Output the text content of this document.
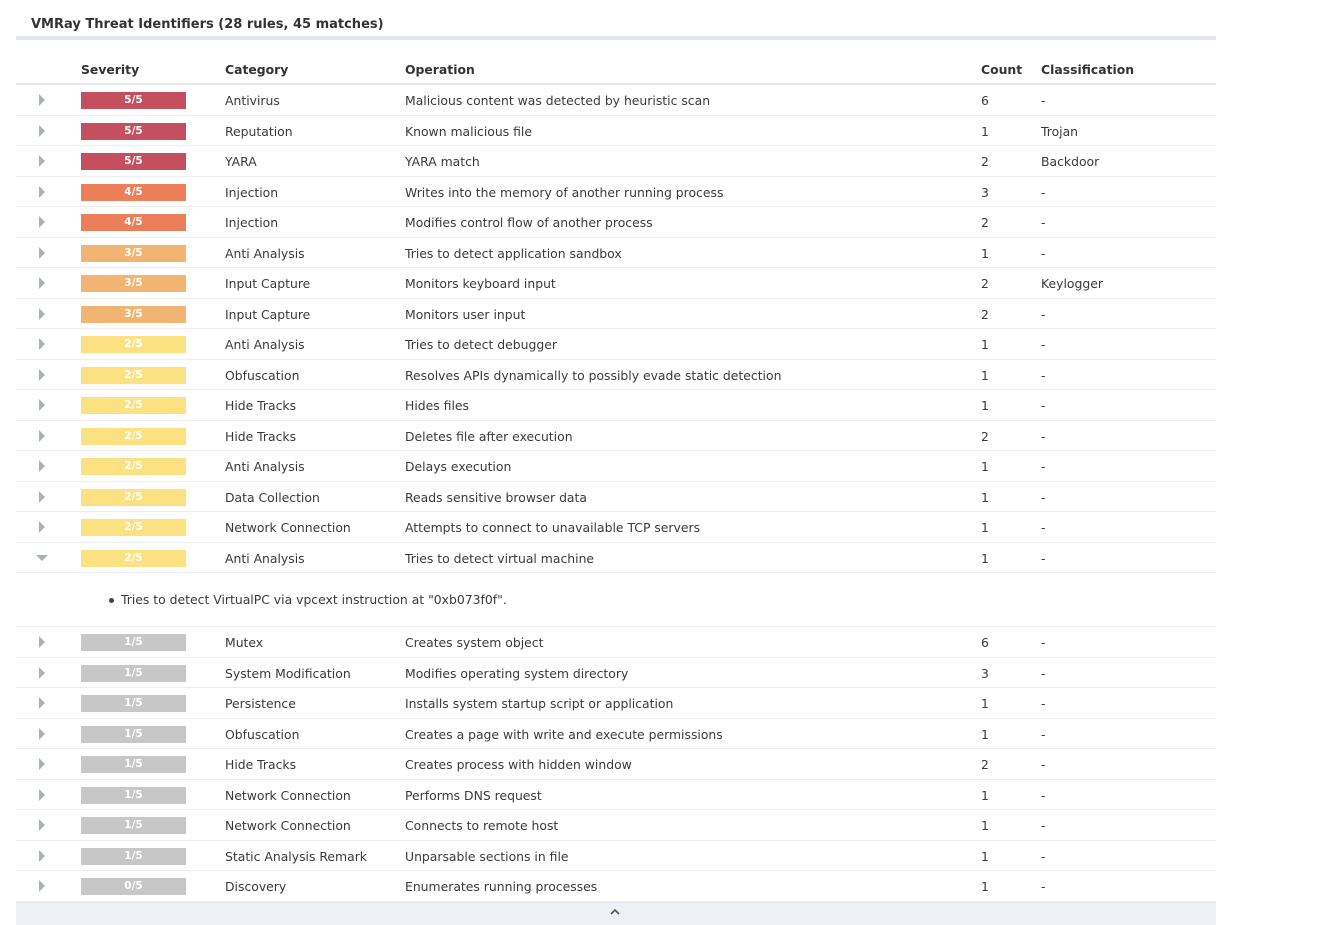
VMRay Threat Identifiers (28 rules, 45 matches)
Severity	Category	Operation	Count Classification
5/5	Antivirus	Malicious content was detected by heuristic scan	6	-
5/5	Reputation	Known malicious file	1	Trojan
5/5	YARA	YARA match	2	Backdoor
4/5	Injection	Writes into the memory of another running process	3	-
4/5	Injection	Modifies control flow of another process	2	-
3/5	Anti Analysis	Tries to detect application sandbox	1	-
3/5	Input Capture	Monitors keyboard input	2	Keylogger
3/5	Input Capture	Monitors user input	2	-
2/5	Anti Analysis	Tries to detect debugger	1	-
2/5	Obfuscation	Resolves APIs dynamically to possibly evade static detection	1	-
2/5	Hide Tracks	Hides files	1	-
2/5	Hide Tracks	Deletes file after execution	2	-
2/5	Anti Analysis	Delays execution	1	-
2/5	Data Collection	Reads sensitive browser data	1	-
2/5	Network Connection	Attempts to connect to unavailable TCP servers	1	-
2/5	Anti Analysis	Tries to detect virtual machine	1	-
Tries to detect VirtualPC via vpcext instruction at "0xb073f0f".
1/5	Mutex	Creates system object	6	-
1/5	System Modification	Modifies operating system directory	3	-
1/5	Persistence	Installs system startup script or application	1	-
1/5	Obfuscation	Creates a page with write and execute permissions	1	-
1/5	Hide Tracks	Creates process with hidden window	2	-
1/5	Network Connection	Performs DNS request	1	-
1/5	Network Connection	Connects to remote host	1	-
1/5	Static Analysis Remark	Unparsable sections in file	1	-
0/5	Discovery	Enumerates running processes	1	-
